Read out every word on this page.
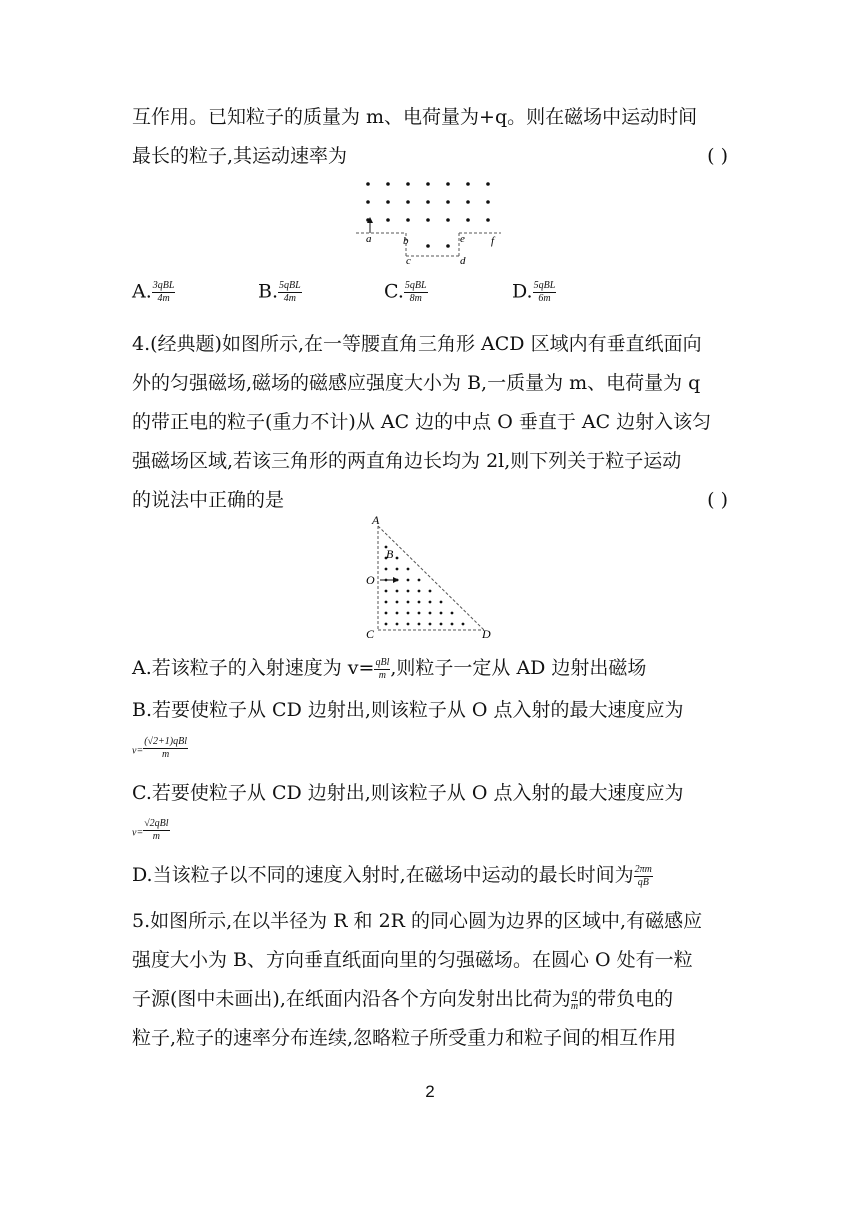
互作用。已知粒子的质量为 m、电荷量为+q。则在磁场中运动时间
最长的粒子,其运动速率为	( )
a	b
c	d
e f
A. $\frac{\text{3qBL}}{4m}$	B. $\frac{\text{5qBL}}{4m}$	C. $\frac{\text{5qBL}}{8m}$	D. $\frac{\text{5qBL}}{6m}$
4.(经典题)如图所示,在一等腰直角三角形 ACD 区域内有垂直纸面向
外的匀强磁场,磁场的磁感应强度大小为 B,一质量为 m、电荷量为 q
的带正电的粒子(重力不计)从 AC 边的中点 O 垂直于 AC 边射入该匀
强磁场区域,若该三角形的两直角边长均为 2l,则下列关于粒子运动
的说法中正确的是	( )
A
B
O
C	D
A.若该粒子的入射速度为 $v= \frac{\text{qBl}}{m}$ ,则粒子一定从 AD 边射出磁场
B.若要使粒子从 CD 边射出,则该粒子从 O 点入射的最大速度应为
$v= \frac{\text{(√2+1)qBl}}{m}$
C.若要使粒子从 CD 边射出,则该粒子从 O 点入射的最大速度应为
$v= \frac{\text{√2qBl}}{m}$
D.当该粒子以不同的速度入射时,在磁场中运动的最长时间为 $\frac{2\pi m}{qB}$
5.如图所示,在以半径为 R 和 2R 的同心圆为边界的区域中,有磁感应
强度大小为 B、方向垂直纸面向里的匀强磁场。在圆心 O 处有一粒
子源(图中未画出),在纸面内沿各个方向发射出比荷为 $\frac{q}{m}$ 的带负电的
粒子,粒子的速率分布连续,忽略粒子所受重力和粒子间的相互作用
2
